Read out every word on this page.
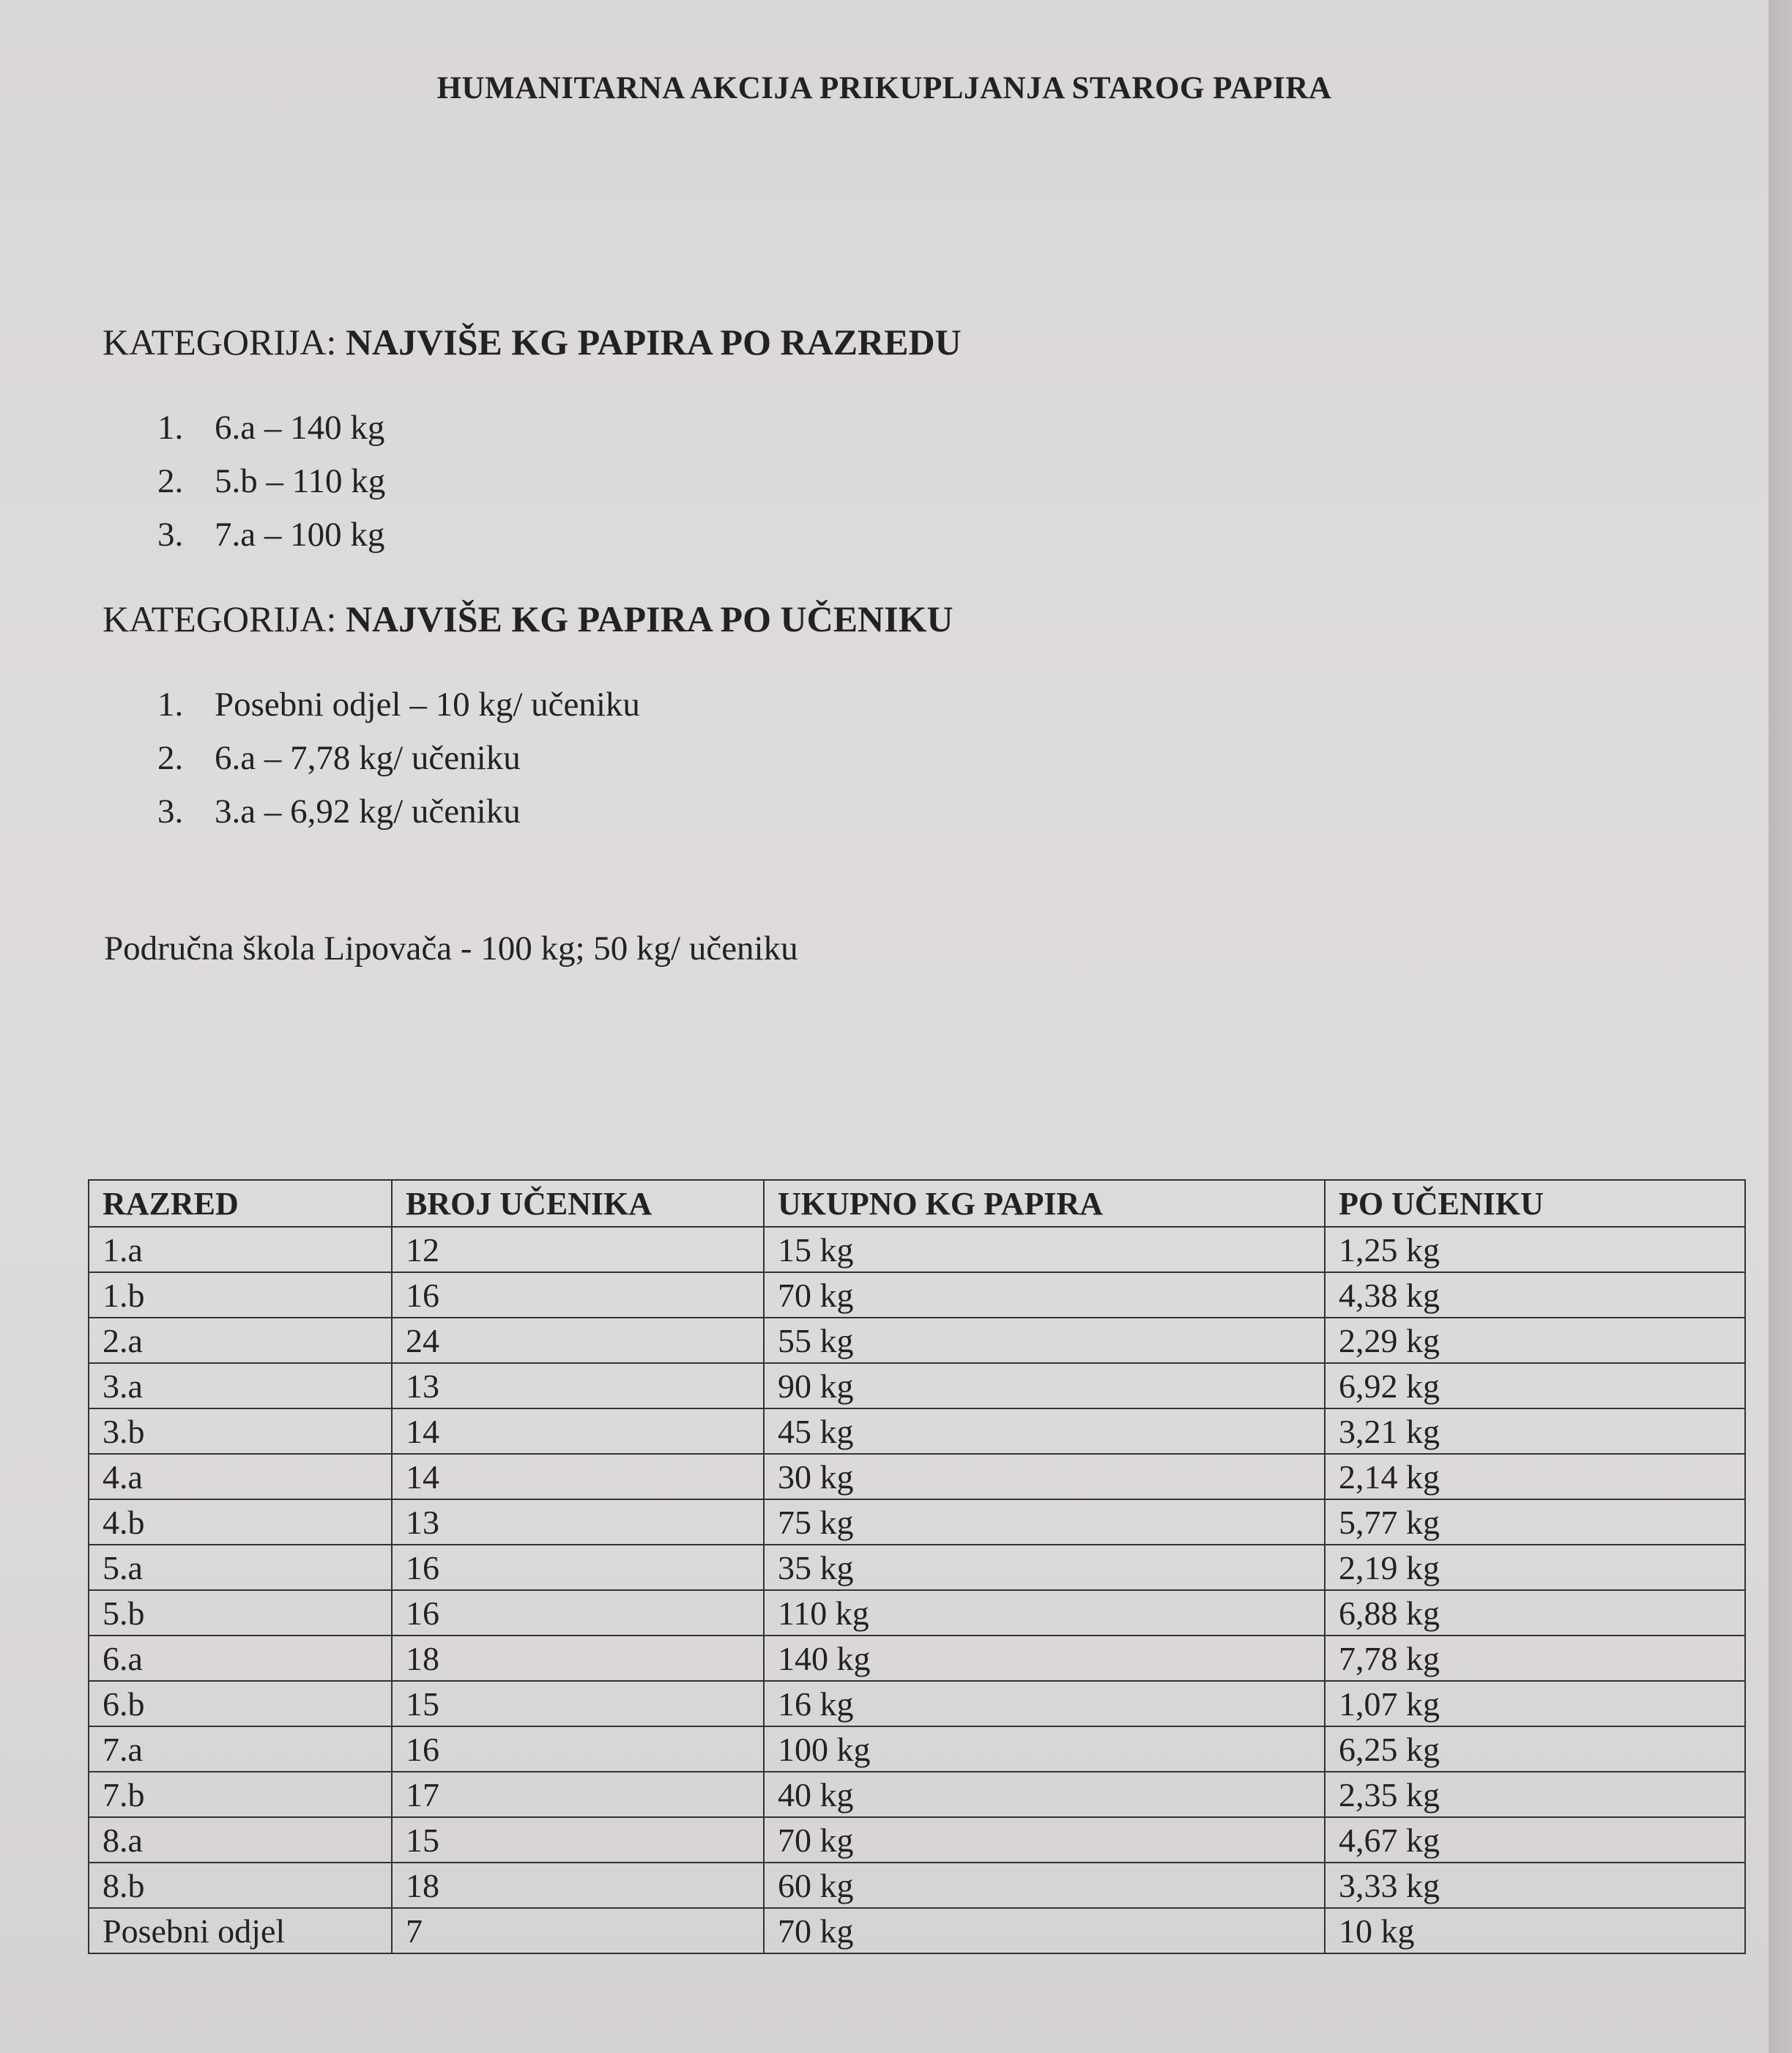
HUMANITARNA AKCIJA PRIKUPLJANJA STAROG PAPIRA
KATEGORIJA: NAJVIŠE KG PAPIRA PO RAZREDU
1. 6.a – 140 kg
2. 5.b – 110 kg
3. 7.a – 100 kg
KATEGORIJA: NAJVIŠE KG PAPIRA PO UČENIKU
1. Posebni odjel – 10 kg/ učeniku
2. 6.a – 7,78 kg/ učeniku
3. 3.a – 6,92 kg/ učeniku
Područna škola Lipovača - 100 kg; 50 kg/ učeniku
RAZRED	BROJ UČENIKA	UKUPNO KG PAPIRA	PO UČENIKU
1.a	12	15 kg	1,25 kg
1.b	16	70 kg	4,38 kg
2.a	24	55 kg	2,29 kg
3.a	13	90 kg	6,92 kg
3.b	14	45 kg	3,21 kg
4.a	14	30 kg	2,14 kg
4.b	13	75 kg	5,77 kg
5.a	16	35 kg	2,19 kg
5.b	16	110 kg	6,88 kg
6.a	18	140 kg	7,78 kg
6.b	15	16 kg	1,07 kg
7.a	16	100 kg	6,25 kg
7.b	17	40 kg	2,35 kg
8.a	15	70 kg	4,67 kg
8.b	18	60 kg	3,33 kg
Posebni odjel	7	70 kg	10 kg
